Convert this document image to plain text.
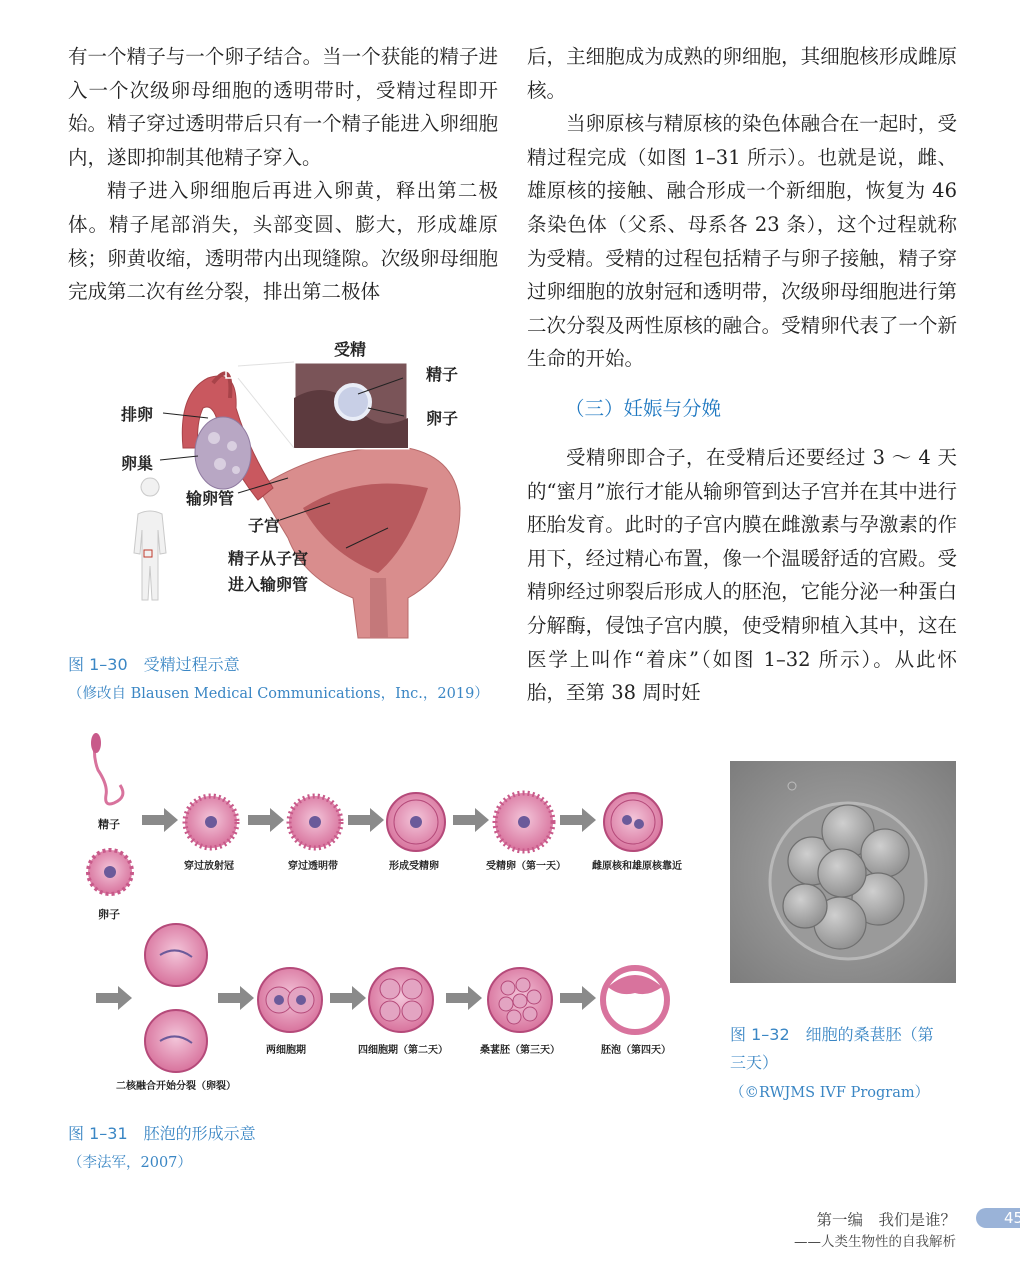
有一个精子与一个卵子结合。当一个获能的精子进入一个次级卵母细胞的透明带时，受精过程即开始。精子穿过透明带后只有一个精子能进入卵细胞内，遂即抑制其他精子穿入。

精子进入卵细胞后再进入卵黄，释出第二极体。精子尾部消失，头部变圆、膨大，形成雄原核；卵黄收缩，透明带内出现缝隙。次级卵母细胞完成第二次有丝分裂，排出第二极体

后，主细胞成为成熟的卵细胞，其细胞核形成雌原核。

当卵原核与精原核的染色体融合在一起时，受精过程完成（如图 1–31 所示）。也就是说，雌、雄原核的接触、融合形成一个新细胞，恢复为 46 条染色体（父系、母系各 23 条），这个过程就称为受精。受精的过程包括精子与卵子接触，精子穿过卵细胞的放射冠和透明带，次级卵母细胞进行第二次分裂及两性原核的融合。受精卵代表了一个新生命的开始。

（三）妊娠与分娩

受精卵即合子，在受精后还要经过 3 ～ 4 天的“蜜月”旅行才能从输卵管到达子宫并在其中进行胚胎发育。此时的子宫内膜在雌激素与孕激素的作用下，经过精心布置，像一个温暖舒适的宫殿。受精卵经过卵裂后形成人的胚泡，它能分泌一种蛋白分解酶，侵蚀子宫内膜，使受精卵植入其中，这在医学上叫作“着床”（如图 1–32 所示）。从此怀胎，至第 38 周时妊

受精
精子
卵子
排卵
卵巢
输卵管
子宫
精子从子宫
进入输卵管
图 1–30　受精过程示意
（修改自 Blausen Medical Communications，Inc.，2019）
精子
卵子
穿过放射冠	穿过透明带	形成受精卵	受精卵（第一天）	雌原核和雄原核靠近
二核融合开始分裂（卵裂）
两细胞期	四细胞期（第二天）	桑葚胚（第三天）	胚泡（第四天）
图 1–31　胚泡的形成示意
（李法军，2007）
图 1–32　细胞的桑葚胚（第
三天）
（©RWJMS IVF Program）
第一编　我们是谁？
——人类生物性的自我解析
45
